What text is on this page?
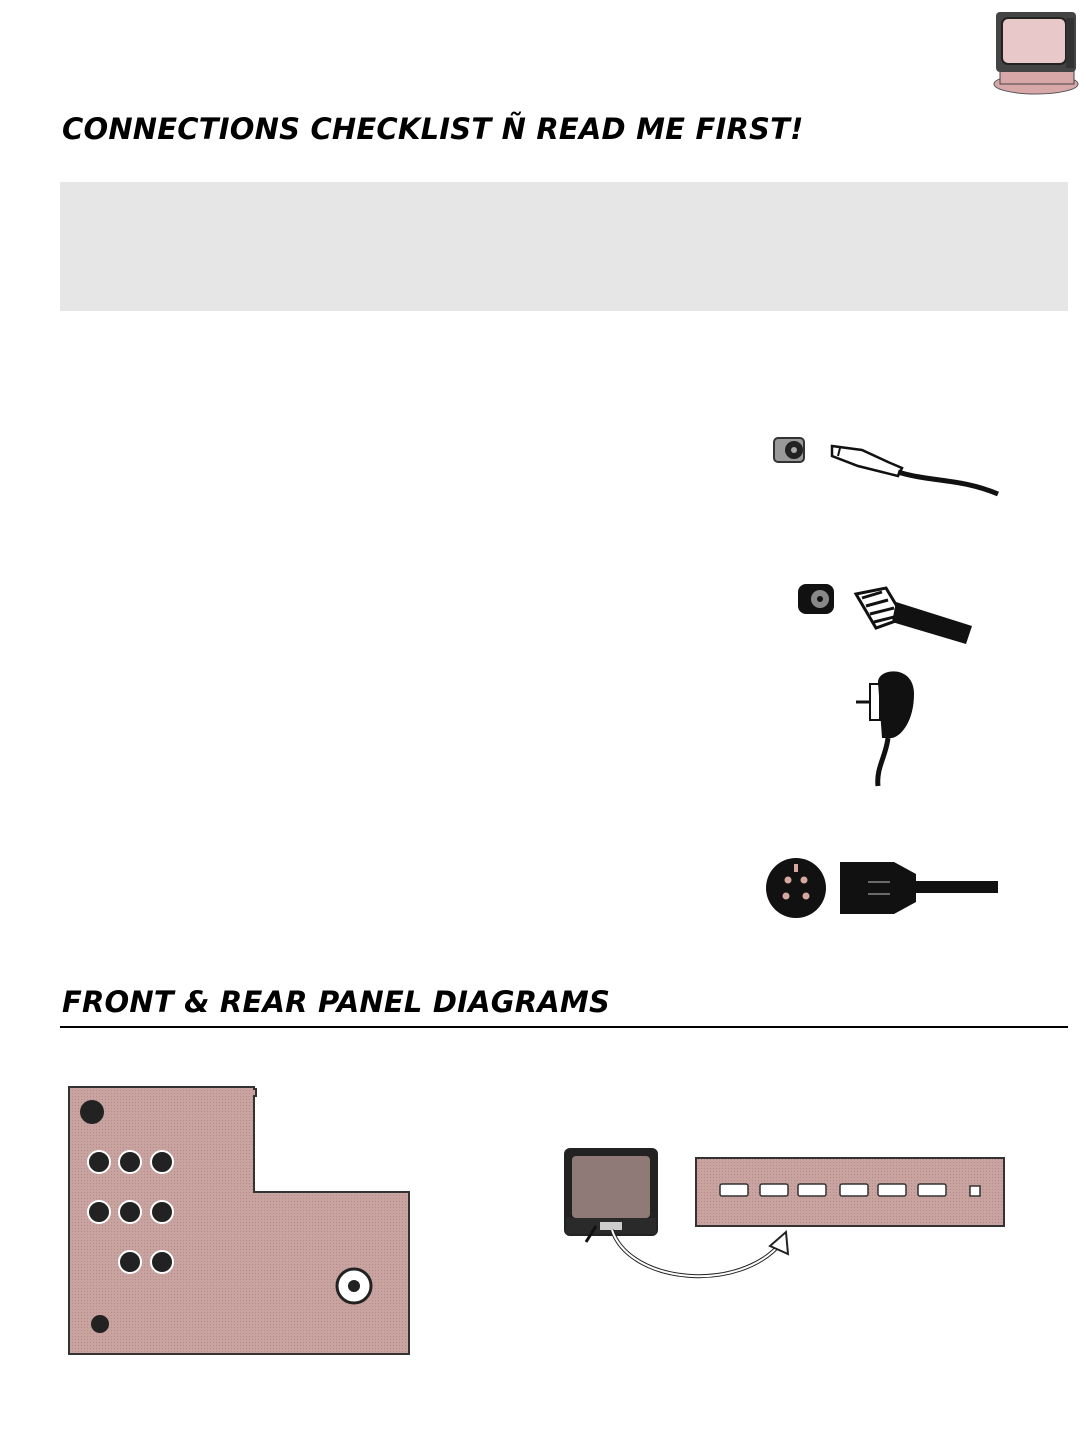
CONNECTIONS CHECKLIST Ñ READ ME FIRST!
FRONT & REAR PANEL DIAGRAMS
